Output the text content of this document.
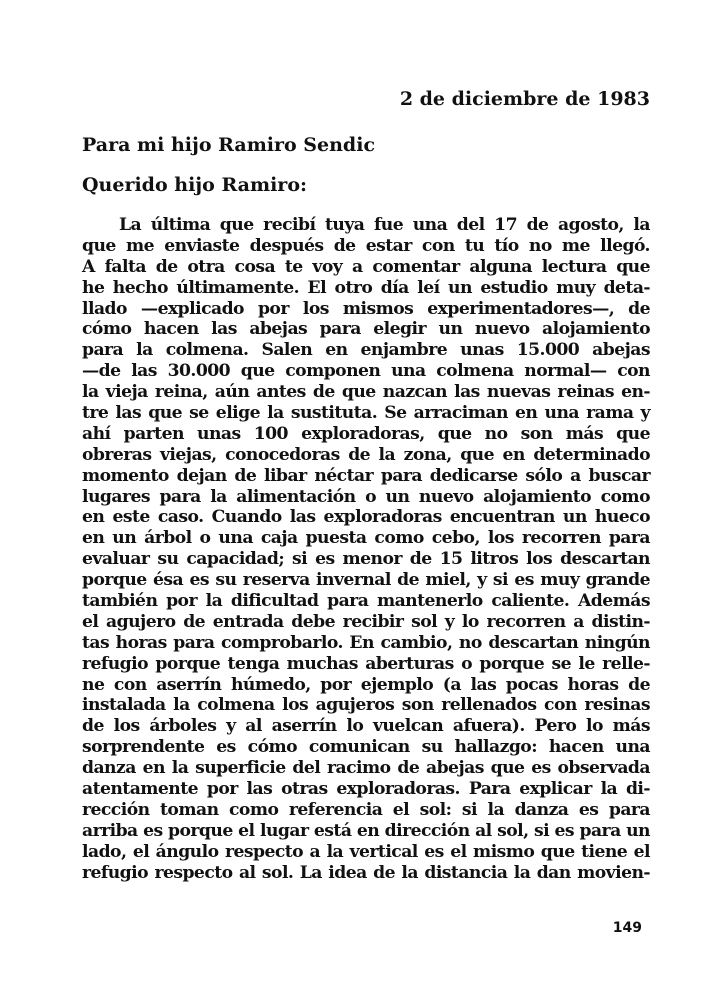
2 de diciembre de 1983
Para mi hijo Ramiro Sendic
Querido hijo Ramiro:
La última que recibí tuya fue una del 17 de agosto, la
que me enviaste después de estar con tu tío no me llegó.
A falta de otra cosa te voy a comentar alguna lectura que
he hecho últimamente. El otro día leí un estudio muy deta-
llado —explicado por los mismos experimentadores—, de
cómo hacen las abejas para elegir un nuevo alojamiento
para la colmena. Salen en enjambre unas 15.000 abejas
—de las 30.000 que componen una colmena normal— con
la vieja reina, aún antes de que nazcan las nuevas reinas en-
tre las que se elige la sustituta. Se arraciman en una rama y
ahí parten unas 100 exploradoras, que no son más que
obreras viejas, conocedoras de la zona, que en determinado
momento dejan de libar néctar para dedicarse sólo a buscar
lugares para la alimentación o un nuevo alojamiento como
en este caso. Cuando las exploradoras encuentran un hueco
en un árbol o una caja puesta como cebo, los recorren para
evaluar su capacidad; si es menor de 15 litros los descartan
porque ésa es su reserva invernal de miel, y si es muy grande
también por la dificultad para mantenerlo caliente. Además
el agujero de entrada debe recibir sol y lo recorren a distin-
tas horas para comprobarlo. En cambio, no descartan ningún
refugio porque tenga muchas aberturas o porque se le relle-
ne con aserrín húmedo, por ejemplo (a las pocas horas de
instalada la colmena los agujeros son rellenados con resinas
de los árboles y al aserrín lo vuelcan afuera). Pero lo más
sorprendente es cómo comunican su hallazgo: hacen una
danza en la superficie del racimo de abejas que es observada
atentamente por las otras exploradoras. Para explicar la di-
rección toman como referencia el sol: si la danza es para
arriba es porque el lugar está en dirección al sol, si es para un
lado, el ángulo respecto a la vertical es el mismo que tiene el
refugio respecto al sol. La idea de la distancia la dan movien-
149
